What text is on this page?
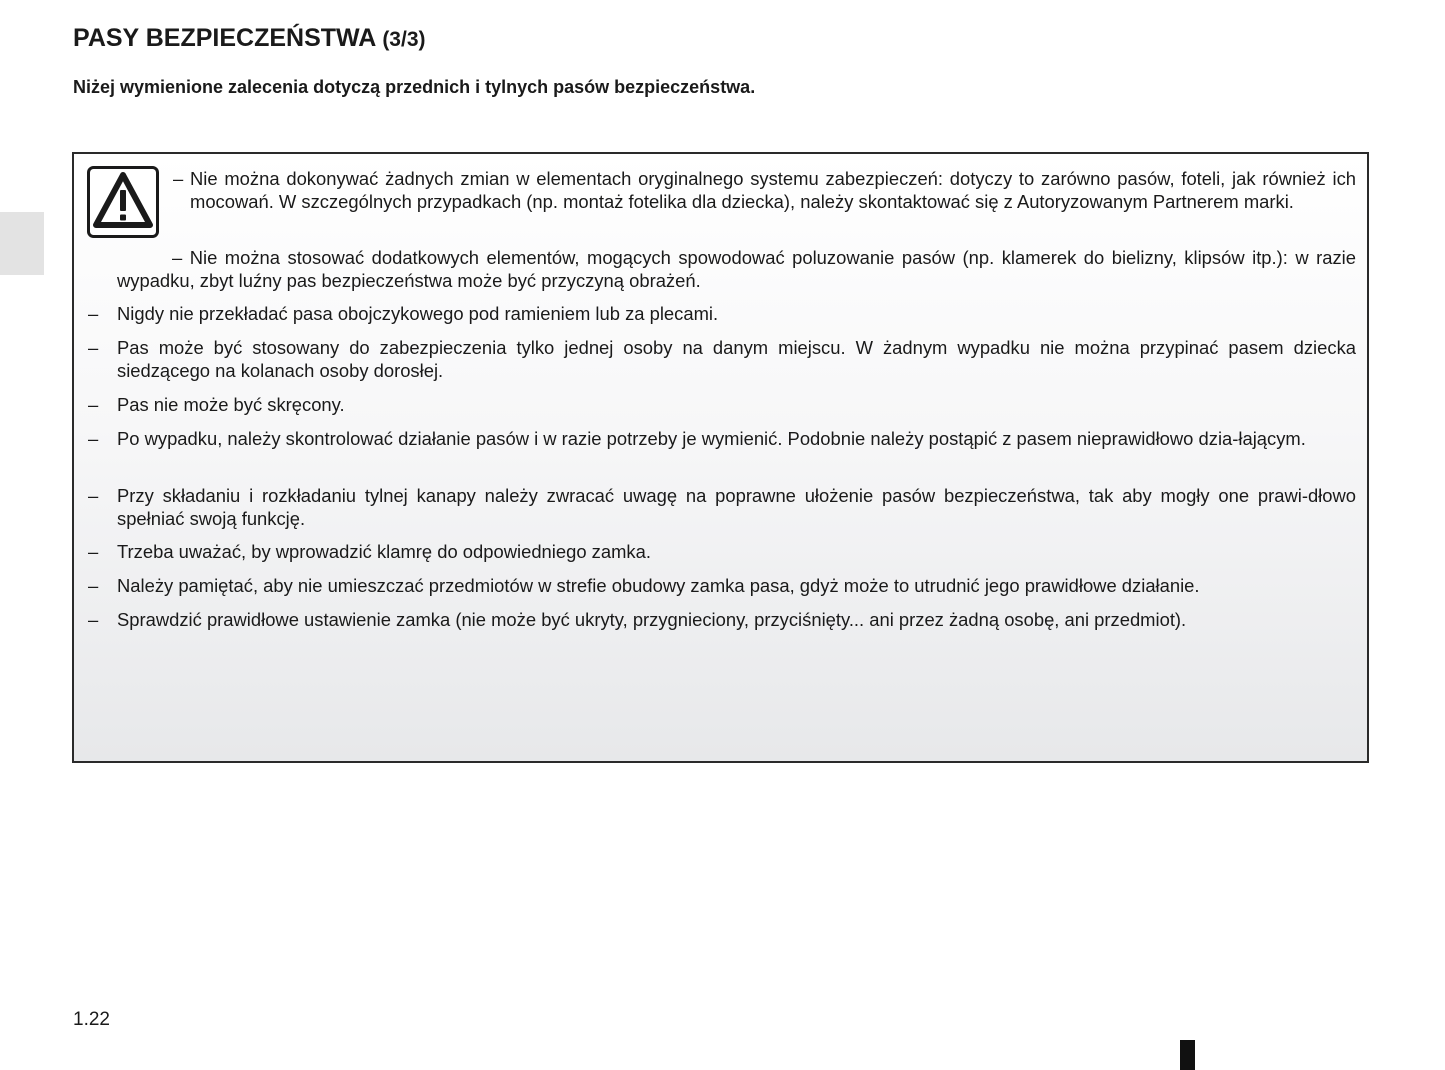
PASY BEZPIECZEŃSTWA (3/3)

Niżej wymienione zalecenia dotyczą przednich i tylnych pasów bezpieczeństwa.

– Nie można dokonywać żadnych zmian w elementach oryginalnego systemu zabezpieczeń: dotyczy to zarówno pasów, foteli, jak również ich mocowań. W szczególnych przypadkach (np. montaż fotelika dla dziecka), należy skontaktować się z Autoryzowanym Partnerem marki.

– Nie można stosować dodatkowych elementów, mogących spowodować poluzowanie pasów (np. klamerek do bielizny, klipsów itp.): w razie wypadku, zbyt luźny pas bezpieczeństwa może być przyczyną obrażeń.

– Nigdy nie przekładać pasa obojczykowego pod ramieniem lub za plecami.

– Pas może być stosowany do zabezpieczenia tylko jednej osoby na danym miejscu. W żadnym wypadku nie można przypinać pasem dziecka siedzącego na kolanach osoby dorosłej.

– Pas nie może być skręcony.

– Po wypadku, należy skontrolować działanie pasów i w razie potrzeby je wymienić. Podobnie należy postąpić z pasem nieprawidłowo dzia-łającym.

– Przy składaniu i rozkładaniu tylnej kanapy należy zwracać uwagę na poprawne ułożenie pasów bezpieczeństwa, tak aby mogły one prawi-dłowo spełniać swoją funkcję.

– Trzeba uważać, by wprowadzić klamrę do odpowiedniego zamka.

– Należy pamiętać, aby nie umieszczać przedmiotów w strefie obudowy zamka pasa, gdyż może to utrudnić jego prawidłowe działanie.

– Sprawdzić prawidłowe ustawienie zamka (nie może być ukryty, przygnieciony, przyciśnięty... ani przez żadną osobę, ani przedmiot).

1.22
